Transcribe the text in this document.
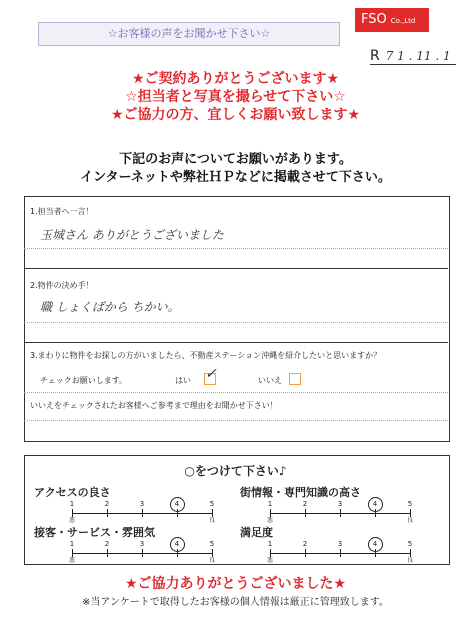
☆お客様の声をお聞かせ下さい☆
FSO Co.,Ltd
R 7 1 . 11 . 1
★ご契約ありがとうございます★
☆担当者と写真を撮らせて下さい☆
★ご協力の方、宜しくお願い致します★
下記のお声についてお願いがあります。
インターネットや弊社ＨＰなどに掲載させて下さい。
1.担当者へ一言！
玉城さん ありがとうございました
2.物件の決め手！
職 しょくばから ちかい。
3.まわりに物件をお探しの方がいましたら、不動産ステーション沖縄を紹介したいと思いますか？
チェックお願いします。	はい ✓	いいえ
いいえをチェックされたお客様へご参考まで理由をお聞かせ下さい！
○をつけて下さい♪
アクセスの良さ
1	2	3	4	5
悪	良
街情報・専門知識の高さ
1	2	3	4	5
悪	良
接客・サービス・雰囲気
1	2	3	4	5
悪	良
満足度
1	2	3	4	5
悪	良
★ご協力ありがとうございました★
※当アンケートで取得したお客様の個人情報は厳正に管理致します。
